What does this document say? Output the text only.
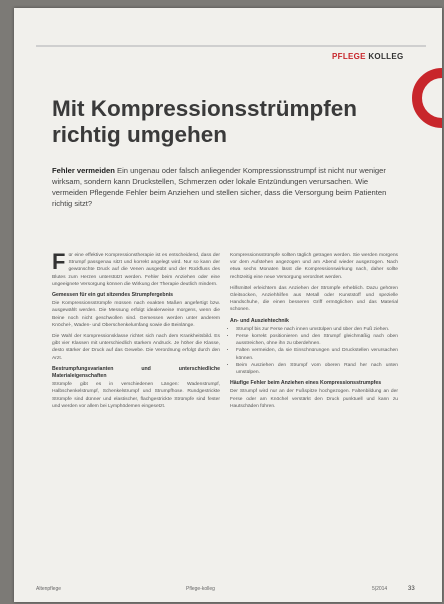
PFLEGE KOLLEG
Mit Kompressionsstrümpfen richtig umgehen
Fehler vermeiden Ein ungenau oder falsch anliegender Kompressionsstrumpf ist nicht nur weniger wirksam, sondern kann Druckstellen, Schmerzen oder lokale Entzündungen verursachen. Wie vermeiden Pflegende Fehler beim Anziehen und stellen sicher, dass die Versorgung beim Patienten richtig sitzt?

Für eine effektive Kompressionstherapie ist es entscheidend, dass der Strumpf passgenau sitzt und korrekt angelegt wird. Nur so kann der gewünschte Druck auf die Venen ausgeübt und der Rückfluss des Blutes zum Herzen unterstützt werden. Fehler beim Anziehen oder eine ungeeignete Versorgung können die Wirkung der Therapie deutlich mindern.

Gemessen für ein gut sitzendes Strumpfergebnis

Die Kompressionsstrümpfe müssen nach exakten Maßen angefertigt bzw. ausgewählt werden. Die Messung erfolgt idealerweise morgens, wenn die Beine noch nicht geschwollen sind. Gemessen werden unter anderem Knöchel-, Waden- und Oberschenkelumfang sowie die Beinlänge.

Die Wahl der Kompressionsklasse richtet sich nach dem Krankheitsbild. Es gibt vier Klassen mit unterschiedlich starkem Andruck. Je höher die Klasse, desto stärker der Druck auf das Gewebe. Die Verordnung erfolgt durch den Arzt.

Bestrumpfungsvarianten und unterschiedliche Materialeigenschaften

Strümpfe gibt es in verschiedenen Längen: Wadenstrumpf, Halbschenkelstrumpf, Schenkelstrumpf und Strumpfhose. Rundgestrickte Strümpfe sind dünner und elastischer, flachgestrickte Strümpfe sind fester und werden vor allem bei Lymphödemen eingesetzt.

Kompressionsstrümpfe sollten täglich getragen werden. Sie werden morgens vor dem Aufstehen angezogen und am Abend wieder ausgezogen. Nach etwa sechs Monaten lässt die Kompressionswirkung nach, daher sollte rechtzeitig eine neue Versorgung verordnet werden.

Hilfsmittel erleichtern das Anziehen der Strümpfe erheblich. Dazu gehören Gleitsocken, Anziehhilfen aus Metall oder Kunststoff und spezielle Handschuhe, die einen besseren Griff ermöglichen und das Material schonen.

An- und Ausziehtechnik
• Strumpf bis zur Ferse nach innen umstülpen und über den Fuß ziehen.
• Ferse korrekt positionieren und den Strumpf gleichmäßig nach oben ausstreichen, ohne ihn zu überdehnen.
• Falten vermeiden, da sie Einschnürungen und Druckstellen verursachen können.
• Beim Ausziehen den Strumpf vom oberen Rand her nach unten umstülpen.
Häufige Fehler beim Anziehen eines Kompressionsstrumpfes

Der Strumpf wird nur an der Fußspitze hochgezogen. Faltenbildung an der Ferse oder am Knöchel verstärkt den Druck punktuell und kann zu Hautschäden führen.

Altenpflege	Pflege-kolleg	5|2014	33
